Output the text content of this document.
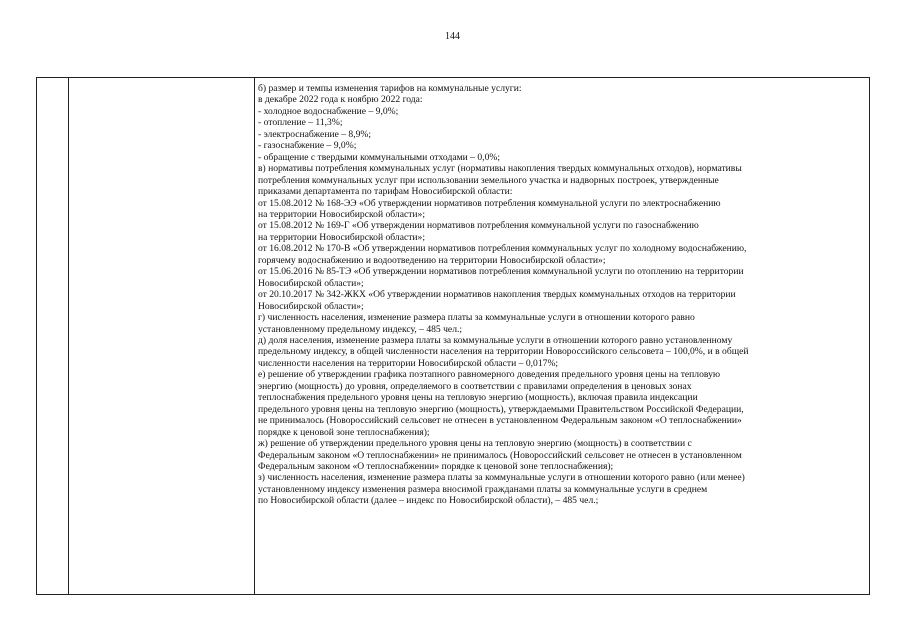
144

б) размер и темпы изменения тарифов на коммунальные услуги:

в декабре 2022 года к ноябрю 2022 года:

- холодное водоснабжение – 9,0%;

- отопление – 11,3%;

- электроснабжение – 8,9%;

- газоснабжение – 9,0%;

- обращение с твердыми коммунальными отходами – 0,0%;

в) нормативы потребления коммунальных услуг (нормативы накопления твердых коммунальных отходов), нормативы

потребления коммунальных услуг при использовании земельного участка и надворных построек, утвержденные

приказами департамента по тарифам Новосибирской области:

от 15.08.2012 № 168-ЭЭ «Об утверждении нормативов потребления коммунальной услуги по электроснабжению

на территории Новосибирской области»;

от 15.08.2012 № 169-Г «Об утверждении нормативов потребления коммунальной услуги по газоснабжению

на территории Новосибирской области»;

от 16.08.2012 № 170-В «Об утверждении нормативов потребления коммунальных услуг по холодному водоснабжению,

горячему водоснабжению и водоотведению на территории Новосибирской области»;

от 15.06.2016 № 85-ТЭ «Об утверждении нормативов потребления коммунальной услуги по отоплению на территории

Новосибирской области»;

от 20.10.2017 № 342-ЖКХ «Об утверждении нормативов накопления твердых коммунальных отходов на территории

Новосибирской области»;

г) численность населения, изменение размера платы за коммунальные услуги в отношении которого равно

установленному предельному индексу, – 485 чел.;

д) доля населения, изменение размера платы за коммунальные услуги в отношении которого равно установленному

предельному индексу, в общей численности населения на территории Новороссийского сельсовета – 100,0%, и в общей

численности населения на территории Новосибирской области – 0,017%;

е) решение об утверждении графика поэтапного равномерного доведения предельного уровня цены на тепловую

энергию (мощность) до уровня, определяемого в соответствии с правилами определения в ценовых зонах

теплоснабжения предельного уровня цены на тепловую энергию (мощность), включая правила индексации

предельного уровня цены на тепловую энергию (мощность), утверждаемыми Правительством Российской Федерации,

не принималось (Новороссийский сельсовет не отнесен в установленном Федеральным законом «О теплоснабжении»

порядке к ценовой зоне теплоснабжения);

ж) решение об утверждении предельного уровня цены на тепловую энергию (мощность) в соответствии с

Федеральным законом «О теплоснабжении» не принималось (Новороссийский сельсовет не отнесен в установленном

Федеральным законом «О теплоснабжении» порядке к ценовой зоне теплоснабжения);

з) численность населения, изменение размера платы за коммунальные услуги в отношении которого равно (или менее)

установленному индексу изменения размера вносимой гражданами платы за коммунальные услуги в среднем

по Новосибирской области (далее – индекс по Новосибирской области), – 485 чел.;
